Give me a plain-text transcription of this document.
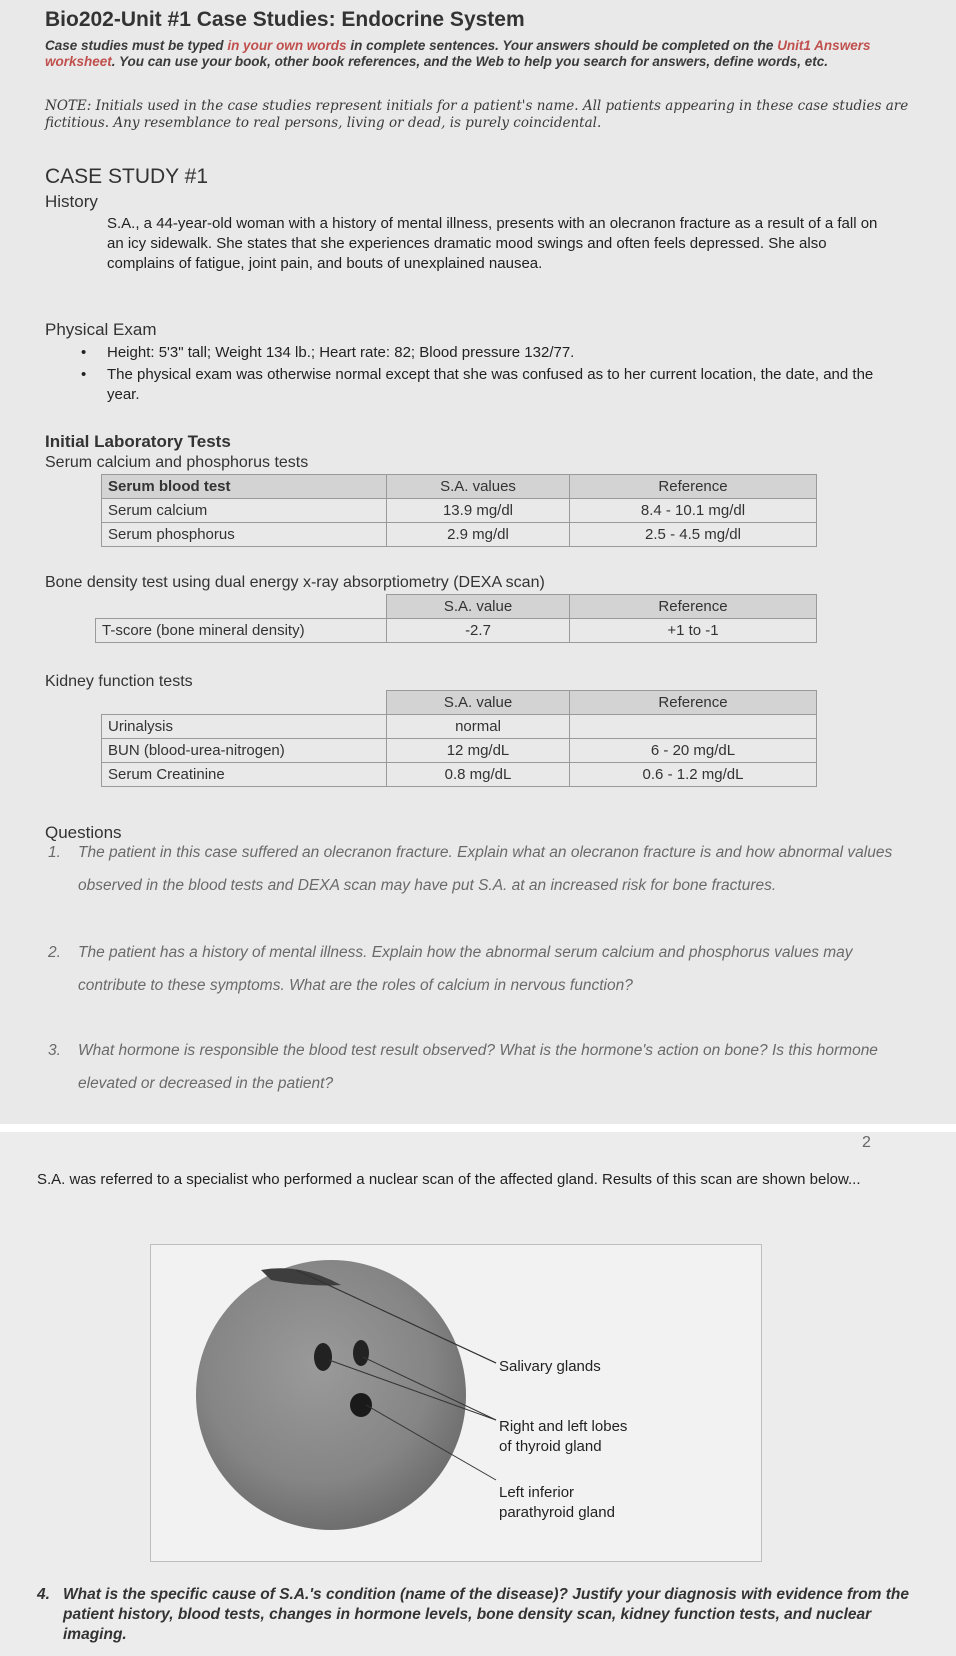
Bio202-Unit #1 Case Studies: Endocrine System
Case studies must be typed in your own words in complete sentences. Your answers should be completed on the Unit1 Answers worksheet. You can use your book, other book references, and the Web to help you search for answers, define words, etc.
NOTE: Initials used in the case studies represent initials for a patient's name. All patients appearing in these case studies are fictitious. Any resemblance to real persons, living or dead, is purely coincidental.
CASE STUDY #1
History
S.A., a 44-year-old woman with a history of mental illness, presents with an olecranon fracture as a result of a fall on an icy sidewalk. She states that she experiences dramatic mood swings and often feels depressed. She also complains of fatigue, joint pain, and bouts of unexplained nausea.
Physical Exam
• Height: 5'3" tall; Weight 134 lb.; Heart rate: 82; Blood pressure 132/77.
• The physical exam was otherwise normal except that she was confused as to her current location, the date, and the year.
Initial Laboratory Tests
Serum calcium and phosphorus tests
Serum blood test	S.A. values	Reference
Serum calcium	13.9 mg/dl	8.4 - 10.1 mg/dl
Serum phosphorus	2.9 mg/dl	2.5 - 4.5 mg/dl
Bone density test using dual energy x-ray absorptiometry (DEXA scan)
	S.A. value	Reference
T-score (bone mineral density)	-2.7	+1 to -1
Kidney function tests
	S.A. value	Reference
Urinalysis	normal	
BUN (blood-urea-nitrogen)	12 mg/dL	6 - 20 mg/dL
Serum Creatinine	0.8 mg/dL	0.6 - 1.2 mg/dL
Questions
1. The patient in this case suffered an olecranon fracture. Explain what an olecranon fracture is and how abnormal values observed in the blood tests and DEXA scan may have put S.A. at an increased risk for bone fractures.
2. The patient has a history of mental illness. Explain how the abnormal serum calcium and phosphorus values may contribute to these symptoms. What are the roles of calcium in nervous function?
3. What hormone is responsible the blood test result observed? What is the hormone's action on bone? Is this hormone elevated or decreased in the patient?
2
S.A. was referred to a specialist who performed a nuclear scan of the affected gland. Results of this scan are shown below...
Salivary glands
Right and left lobes
of thyroid gland
Left inferior
parathyroid gland
4. What is the specific cause of S.A.'s condition (name of the disease)? Justify your diagnosis with evidence from the patient history, blood tests, changes in hormone levels, bone density scan, kidney function tests, and nuclear imaging.
